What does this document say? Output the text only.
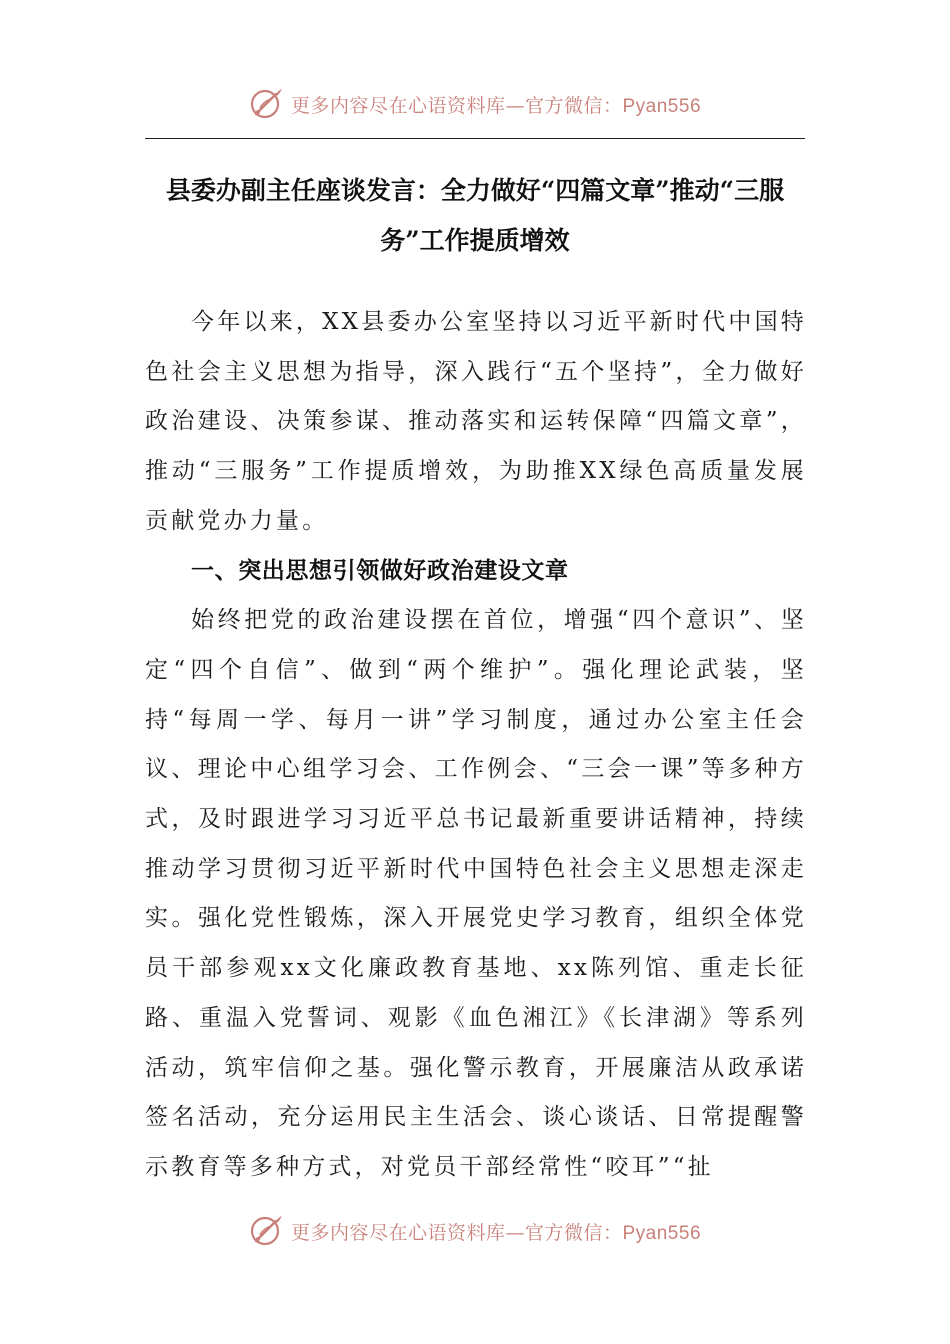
更多内容尽在心语资料库—官方微信：Pyan556
县委办副主任座谈发言：全力做好“四篇文章”推动“三服务”工作提质增效

今年以来，XX县委办公室坚持以习近平新时代中国特色社会主义思想为指导，深入践行“五个坚持”，全力做好政治建设、决策参谋、推动落实和运转保障“四篇文章”，推动“三服务”工作提质增效，为助推XX绿色高质量发展贡献党办力量。

一、突出思想引领做好政治建设文章

始终把党的政治建设摆在首位，增强“四个意识”、坚定“四个自信”、做到“两个维护”。强化理论武装，坚持“每周一学、每月一讲”学习制度，通过办公室主任会议、理论中心组学习会、工作例会、“三会一课”等多种方式，及时跟进学习习近平总书记最新重要讲话精神，持续推动学习贯彻习近平新时代中国特色社会主义思想走深走实。强化党性锻炼，深入开展党史学习教育，组织全体党员干部参观xx文化廉政教育基地、xx陈列馆、重走长征路、重温入党誓词、观影《血色湘江》《长津湖》等系列活动，筑牢信仰之基。强化警示教育，开展廉洁从政承诺签名活动，充分运用民主生活会、谈心谈话、日常提醒警示教育等多种方式，对党员干部经常性“咬耳”“扯

更多内容尽在心语资料库—官方微信：Pyan556
